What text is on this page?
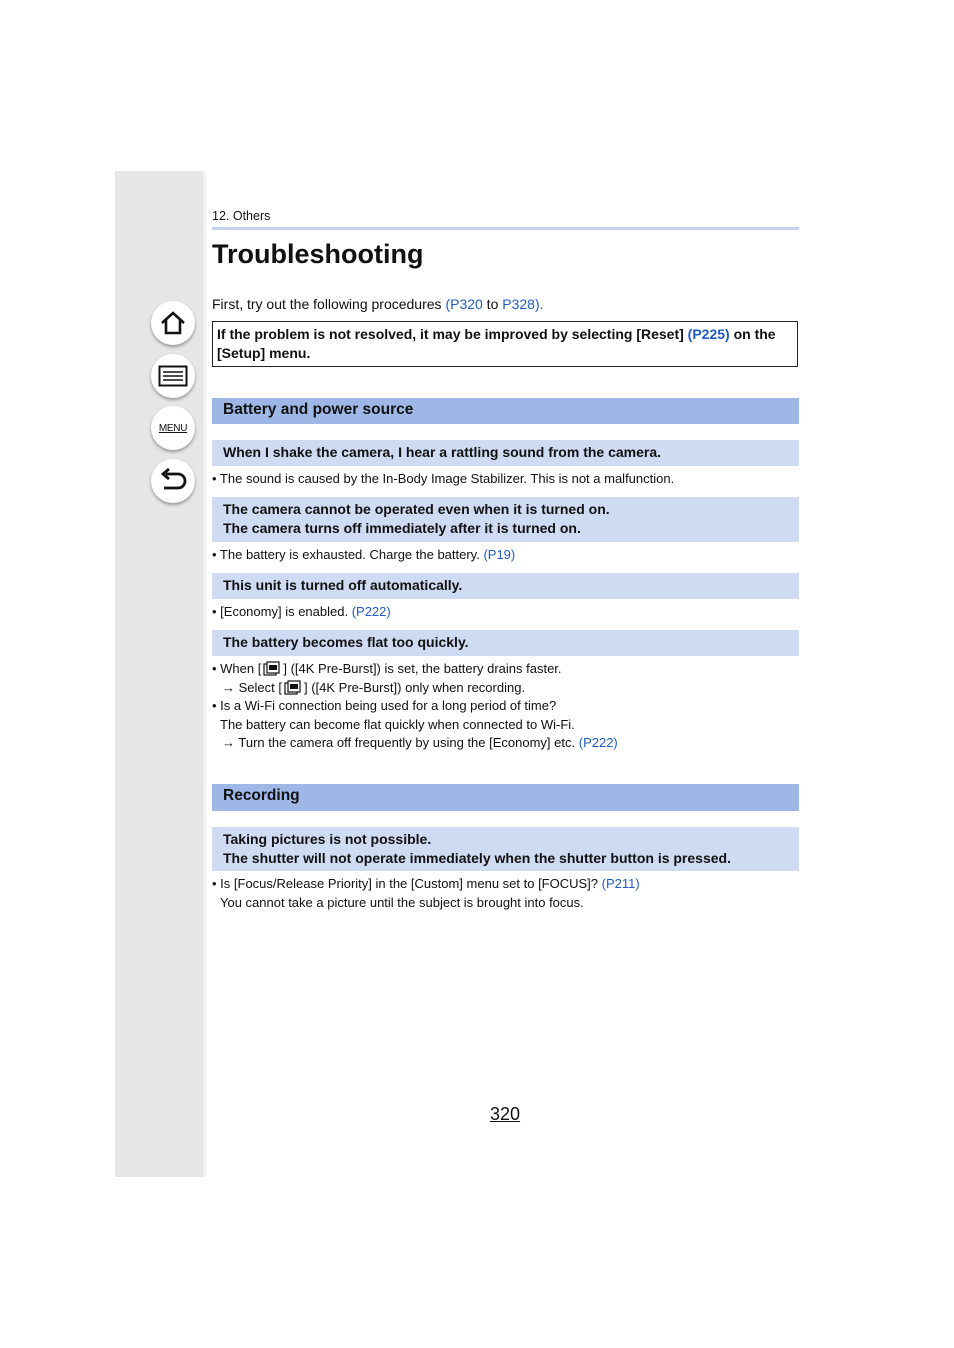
MENU
12. Others
Troubleshooting
First, try out the following procedures (P320 to P328).
If the problem is not resolved, it may be improved by selecting [Reset] (P225) on the [Setup] menu.
Battery and power source
When I shake the camera, I hear a rattling sound from the camera.
• The sound is caused by the In-Body Image Stabilizer. This is not a malfunction.
The camera cannot be operated even when it is turned on.
The camera turns off immediately after it is turned on.
• The battery is exhausted. Charge the battery. (P19)
This unit is turned off automatically.
• [Economy] is enabled. (P222)
The battery becomes flat too quickly.
• When [ ] ([4K Pre-Burst]) is set, the battery drains faster.
→ Select [ ] ([4K Pre-Burst]) only when recording.
• Is a Wi-Fi connection being used for a long period of time?
The battery can become flat quickly when connected to Wi-Fi.
→ Turn the camera off frequently by using the [Economy] etc. (P222)
Recording
Taking pictures is not possible.
The shutter will not operate immediately when the shutter button is pressed.
• Is [Focus/Release Priority] in the [Custom] menu set to [FOCUS]? (P211)
You cannot take a picture until the subject is brought into focus.
320
